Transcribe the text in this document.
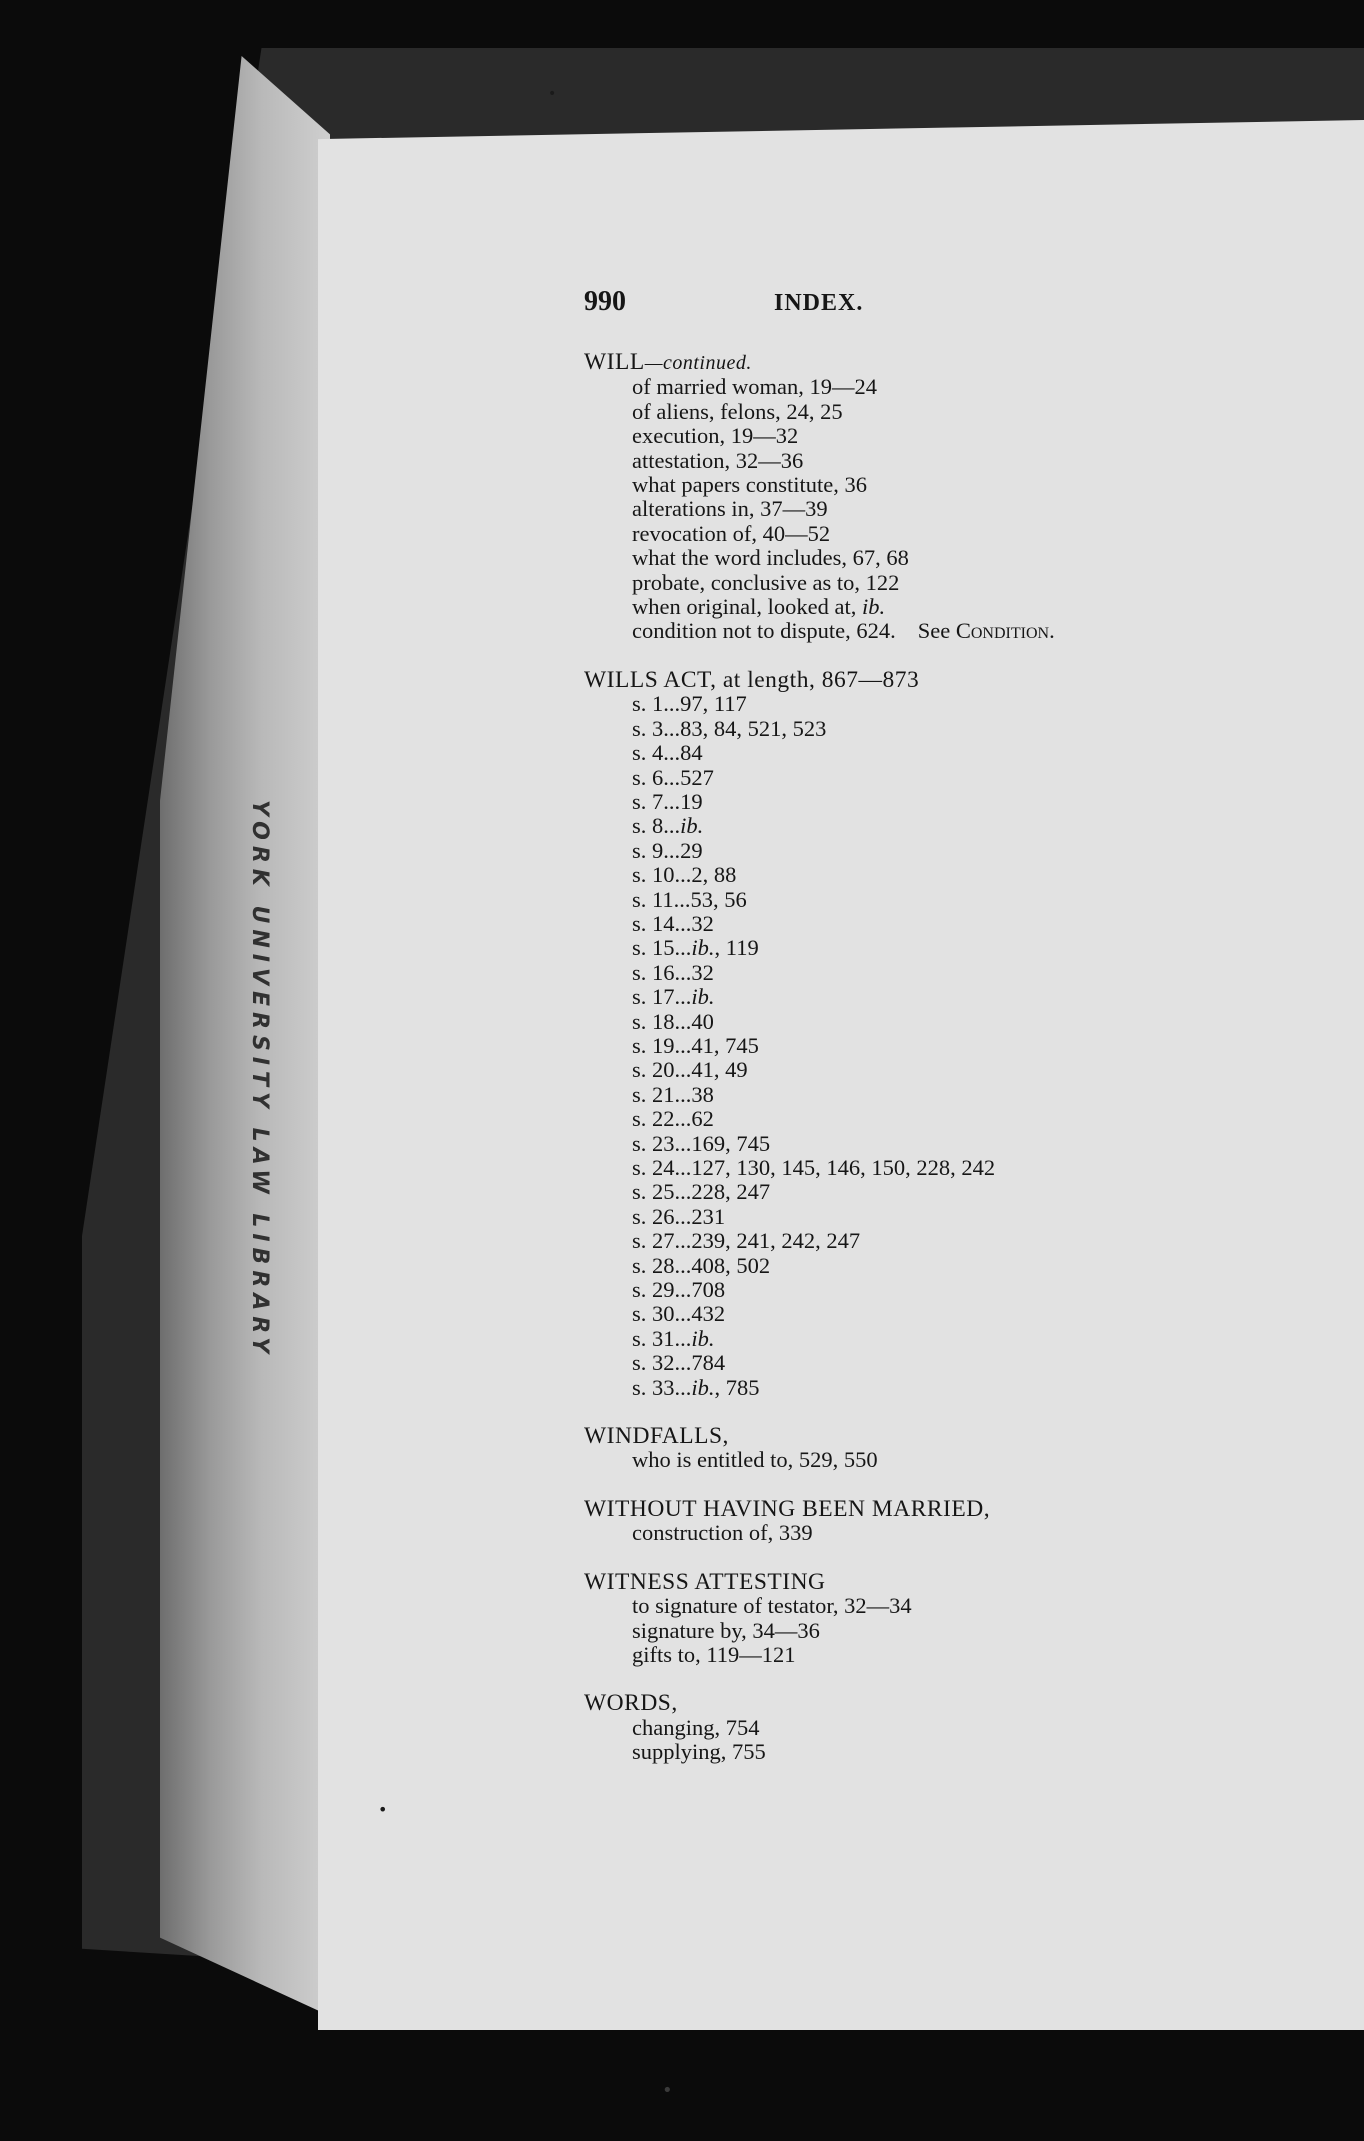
YORK UNIVERSITY LAW LIBRARY
•
•
•
990	INDEX.
WILL—continued.
of married woman, 19—24
of aliens, felons, 24, 25
execution, 19—32
attestation, 32—36
what papers constitute, 36
alterations in, 37—39
revocation of, 40—52
what the word includes, 67, 68
probate, conclusive as to, 122
when original, looked at, ib.
condition not to dispute, 624. See Condition.
WILLS ACT, at length, 867—873
s. 1...97, 117
s. 3...83, 84, 521, 523
s. 4...84
s. 6...527
s. 7...19
s. 8...ib.
s. 9...29
s. 10...2, 88
s. 11...53, 56
s. 14...32
s. 15...ib., 119
s. 16...32
s. 17...ib.
s. 18...40
s. 19...41, 745
s. 20...41, 49
s. 21...38
s. 22...62
s. 23...169, 745
s. 24...127, 130, 145, 146, 150, 228, 242
s. 25...228, 247
s. 26...231
s. 27...239, 241, 242, 247
s. 28...408, 502
s. 29...708
s. 30...432
s. 31...ib.
s. 32...784
s. 33...ib., 785
WINDFALLS,
who is entitled to, 529, 550
WITHOUT HAVING BEEN MARRIED,
construction of, 339
WITNESS ATTESTING
to signature of testator, 32—34
signature by, 34—36
gifts to, 119—121
WORDS,
changing, 754
supplying, 755
